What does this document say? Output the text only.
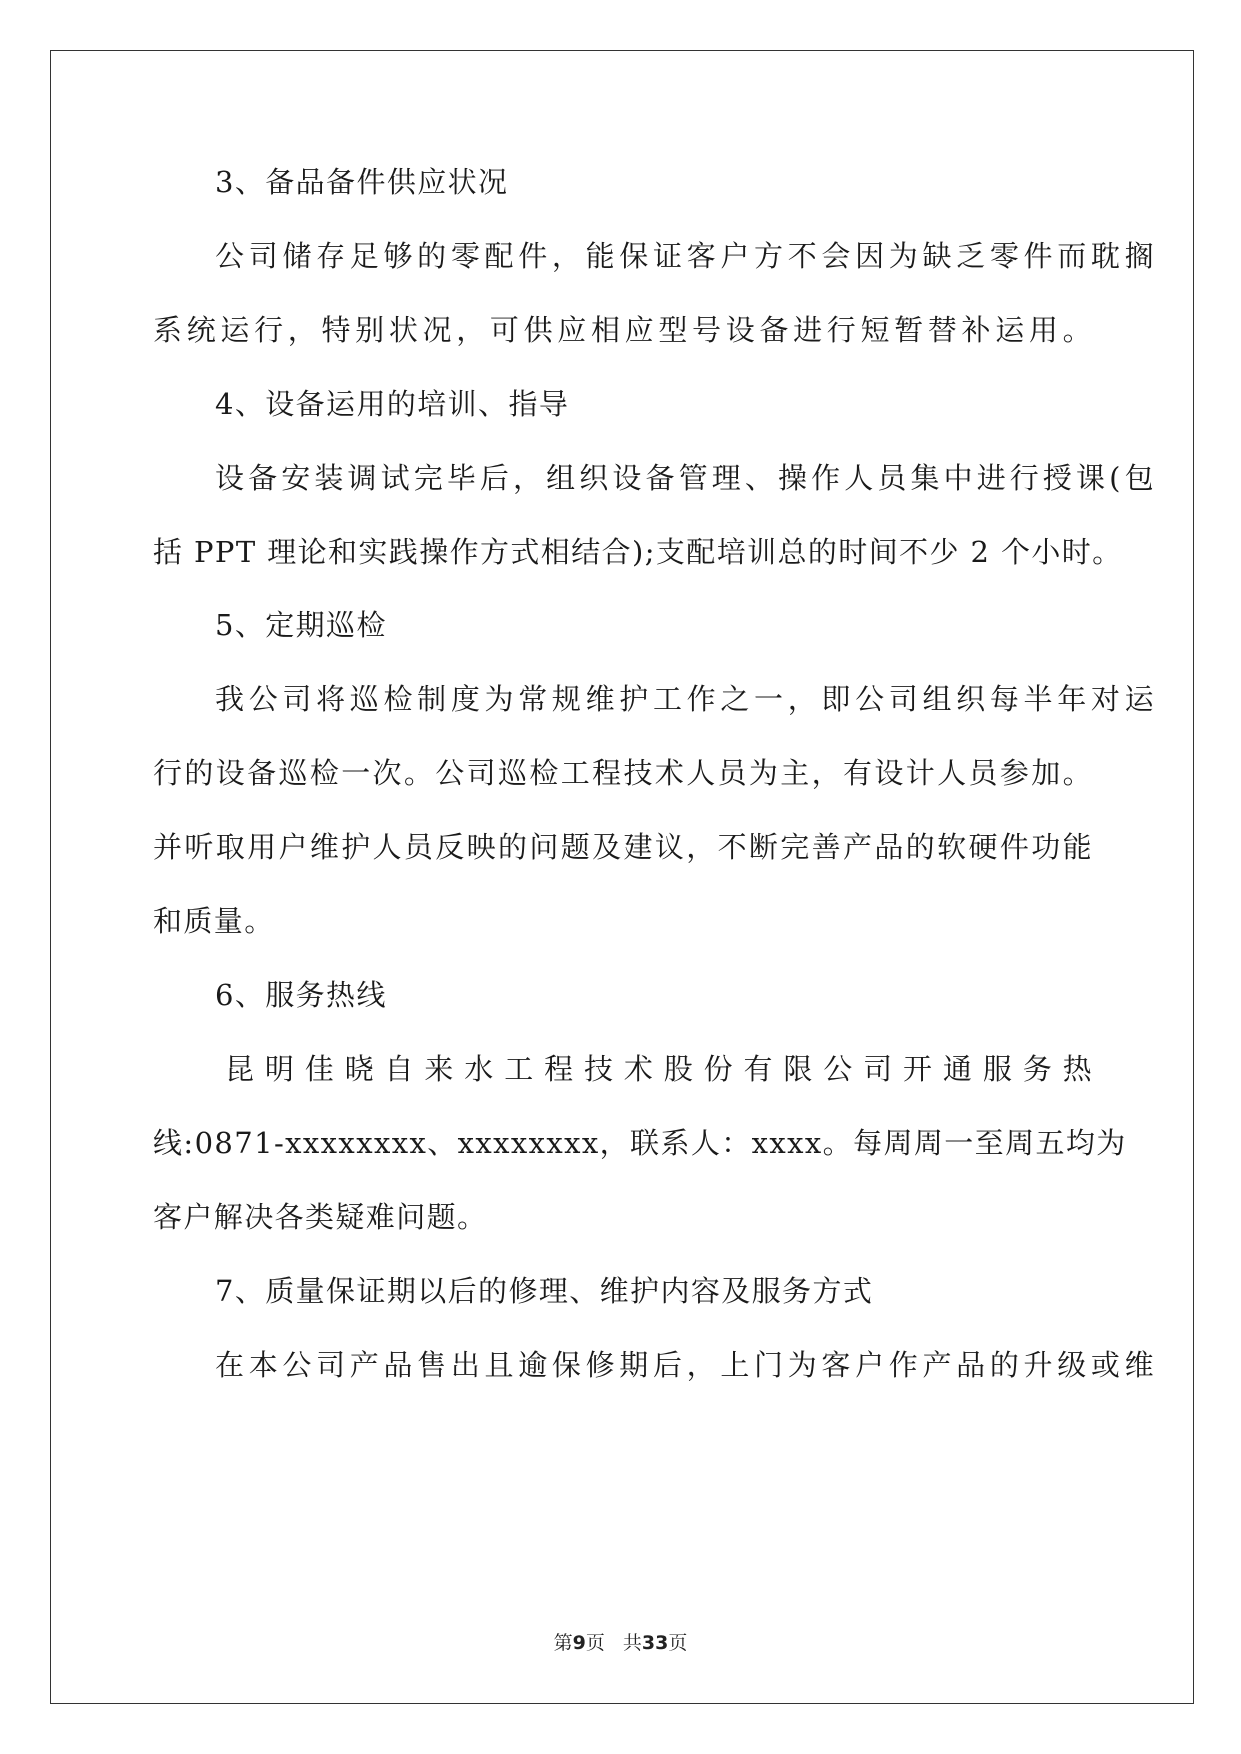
3、备品备件供应状况
公司储存足够的零配件，能保证客户方不会因为缺乏零件而耽搁
系统运行，特别状况，可供应相应型号设备进行短暂替补运用。
4、设备运用的培训、指导
设备安装调试完毕后，组织设备管理、操作人员集中进行授课(包
括 PPT 理论和实践操作方式相结合);支配培训总的时间不少 2 个小时。
5、定期巡检
我公司将巡检制度为常规维护工作之一，即公司组织每半年对运
行的设备巡检一次。公司巡检工程技术人员为主，有设计人员参加。
并听取用户维护人员反映的问题及建议，不断完善产品的软硬件功能
和质量。
6、服务热线
昆明佳晓自来水工程技术股份有限公司开通服务热
线:0871-xxxxxxxx、xxxxxxxx，联系人：xxxx。每周周一至周五均为
客户解决各类疑难问题。
7、质量保证期以后的修理、维护内容及服务方式
在本公司产品售出且逾保修期后，上门为客户作产品的升级或维
第9页 共33页
